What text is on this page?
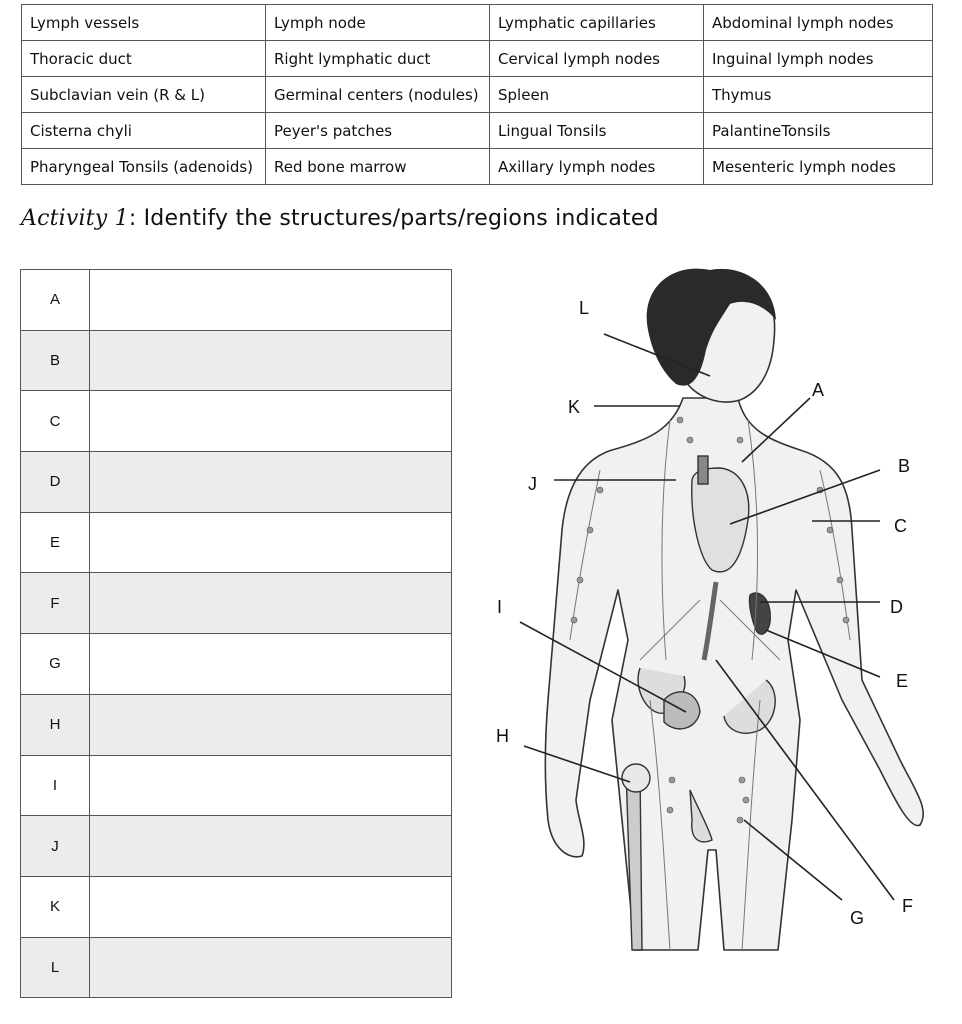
Lymph vessels	Lymph node	Lymphatic capillaries	Abdominal lymph nodes
Thoracic duct	Right lymphatic duct	Cervical lymph nodes	Inguinal lymph nodes
Subclavian vein (R & L)	Germinal centers (nodules)	Spleen	Thymus
Cisterna chyli	Peyer's patches	Lingual Tonsils	PalantineTonsils
Pharyngeal Tonsils (adenoids)	Red bone marrow	Axillary lymph nodes	Mesenteric lymph nodes
Activity 1: Identify the structures/parts/regions indicated
A	
B	
C	
D	
E	
F	
G	
H	
I	
J	
K	
L	
L
K
A
J
B
C
I	D
E
H
G
F
